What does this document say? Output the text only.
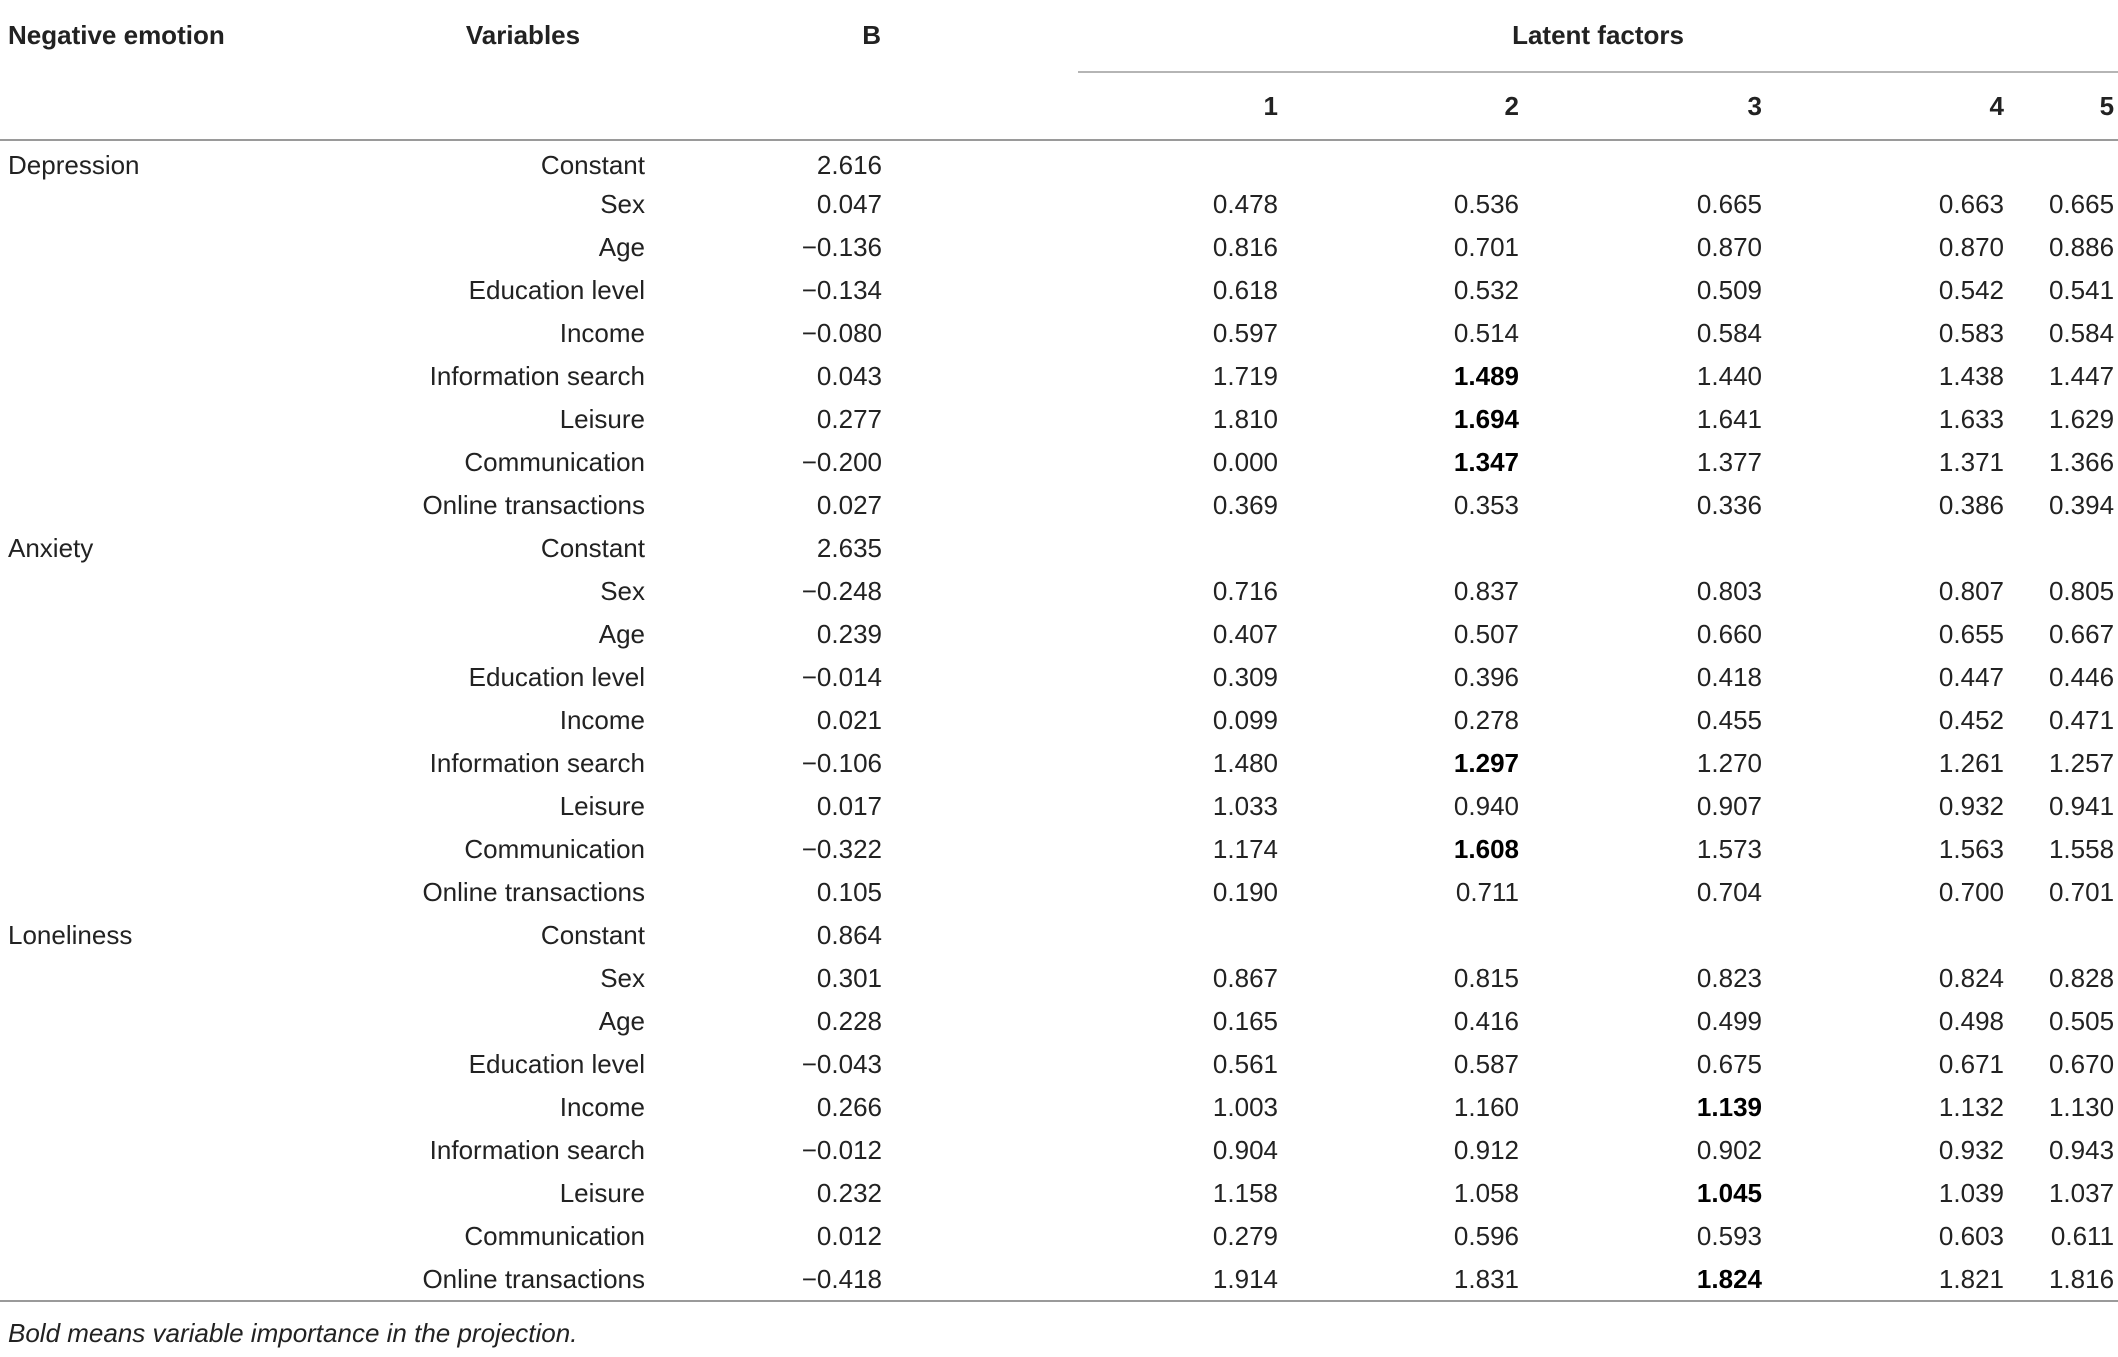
Negative emotion	Variables	B	Latent factors				
			1	2	3	4	5
Depression	Constant	2.616					
	Sex	0.047	0.478	0.536	0.665	0.663	0.665
	Age	−0.136	0.816	0.701	0.870	0.870	0.886
	Education level	−0.134	0.618	0.532	0.509	0.542	0.541
	Income	−0.080	0.597	0.514	0.584	0.583	0.584
	Information search	0.043	1.719	1.489	1.440	1.438	1.447
	Leisure	0.277	1.810	1.694	1.641	1.633	1.629
	Communication	−0.200	0.000	1.347	1.377	1.371	1.366
	Online transactions	0.027	0.369	0.353	0.336	0.386	0.394
Anxiety	Constant	2.635					
	Sex	−0.248	0.716	0.837	0.803	0.807	0.805
	Age	0.239	0.407	0.507	0.660	0.655	0.667
	Education level	−0.014	0.309	0.396	0.418	0.447	0.446
	Income	0.021	0.099	0.278	0.455	0.452	0.471
	Information search	−0.106	1.480	1.297	1.270	1.261	1.257
	Leisure	0.017	1.033	0.940	0.907	0.932	0.941
	Communication	−0.322	1.174	1.608	1.573	1.563	1.558
	Online transactions	0.105	0.190	0.711	0.704	0.700	0.701
Loneliness	Constant	0.864					
	Sex	0.301	0.867	0.815	0.823	0.824	0.828
	Age	0.228	0.165	0.416	0.499	0.498	0.505
	Education level	−0.043	0.561	0.587	0.675	0.671	0.670
	Income	0.266	1.003	1.160	1.139	1.132	1.130
	Information search	−0.012	0.904	0.912	0.902	0.932	0.943
	Leisure	0.232	1.158	1.058	1.045	1.039	1.037
	Communication	0.012	0.279	0.596	0.593	0.603	0.611
	Online transactions	−0.418	1.914	1.831	1.824	1.821	1.816
Bold means variable importance in the projection.
